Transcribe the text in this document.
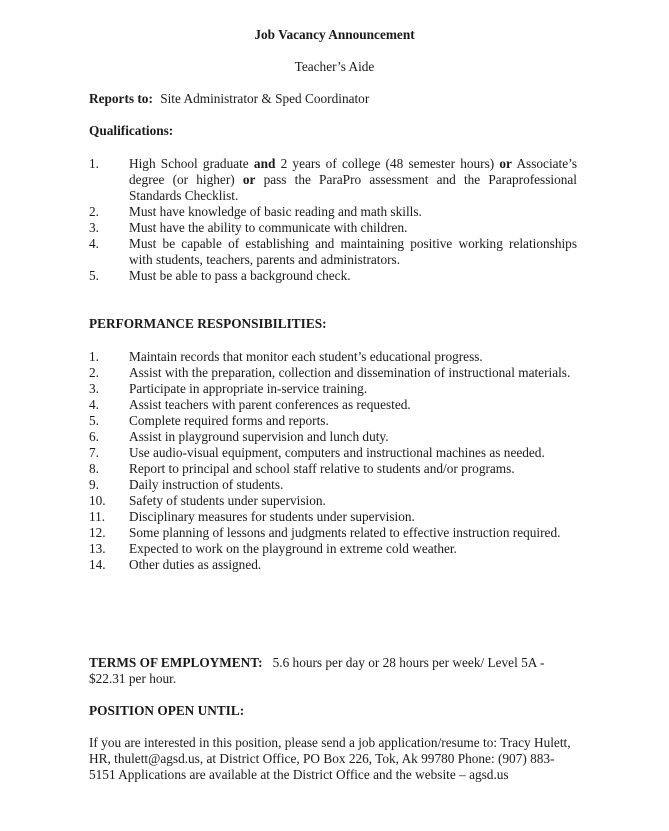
Job Vacancy Announcement
Teacher’s Aide
Reports to: Site Administrator & Sped Coordinator
Qualifications:
1.	High School graduate and 2 years of college (48 semester hours) or Associate’s degree (or higher) or pass the ParaPro assessment and the Paraprofessional Standards Checklist.
2.	Must have knowledge of basic reading and math skills.
3.	Must have the ability to communicate with children.
4.	Must be capable of establishing and maintaining positive working relationships with students, teachers, parents and administrators.
5.	Must be able to pass a background check.
PERFORMANCE RESPONSIBILITIES:
1.	Maintain records that monitor each student’s educational progress.
2.	Assist with the preparation, collection and dissemination of instructional materials.
3.	Participate in appropriate in-service training.
4.	Assist teachers with parent conferences as requested.
5.	Complete required forms and reports.
6.	Assist in playground supervision and lunch duty.
7.	Use audio-visual equipment, computers and instructional machines as needed.
8.	Report to principal and school staff relative to students and/or programs.
9.	Daily instruction of students.
10.	Safety of students under supervision.
11.	Disciplinary measures for students under supervision.
12.	Some planning of lessons and judgments related to effective instruction required.
13.	Expected to work on the playground in extreme cold weather.
14.	Other duties as assigned.
TERMS OF EMPLOYMENT: 5.6 hours per day or 28 hours per week/ Level 5A - $22.31 per hour.
POSITION OPEN UNTIL:
If you are interested in this position, please send a job application/resume to: Tracy Hulett, HR, thulett@agsd.us, at District Office, PO Box 226, Tok, Ak 99780 Phone: (907) 883-5151 Applications are available at the District Office and the website – agsd.us
